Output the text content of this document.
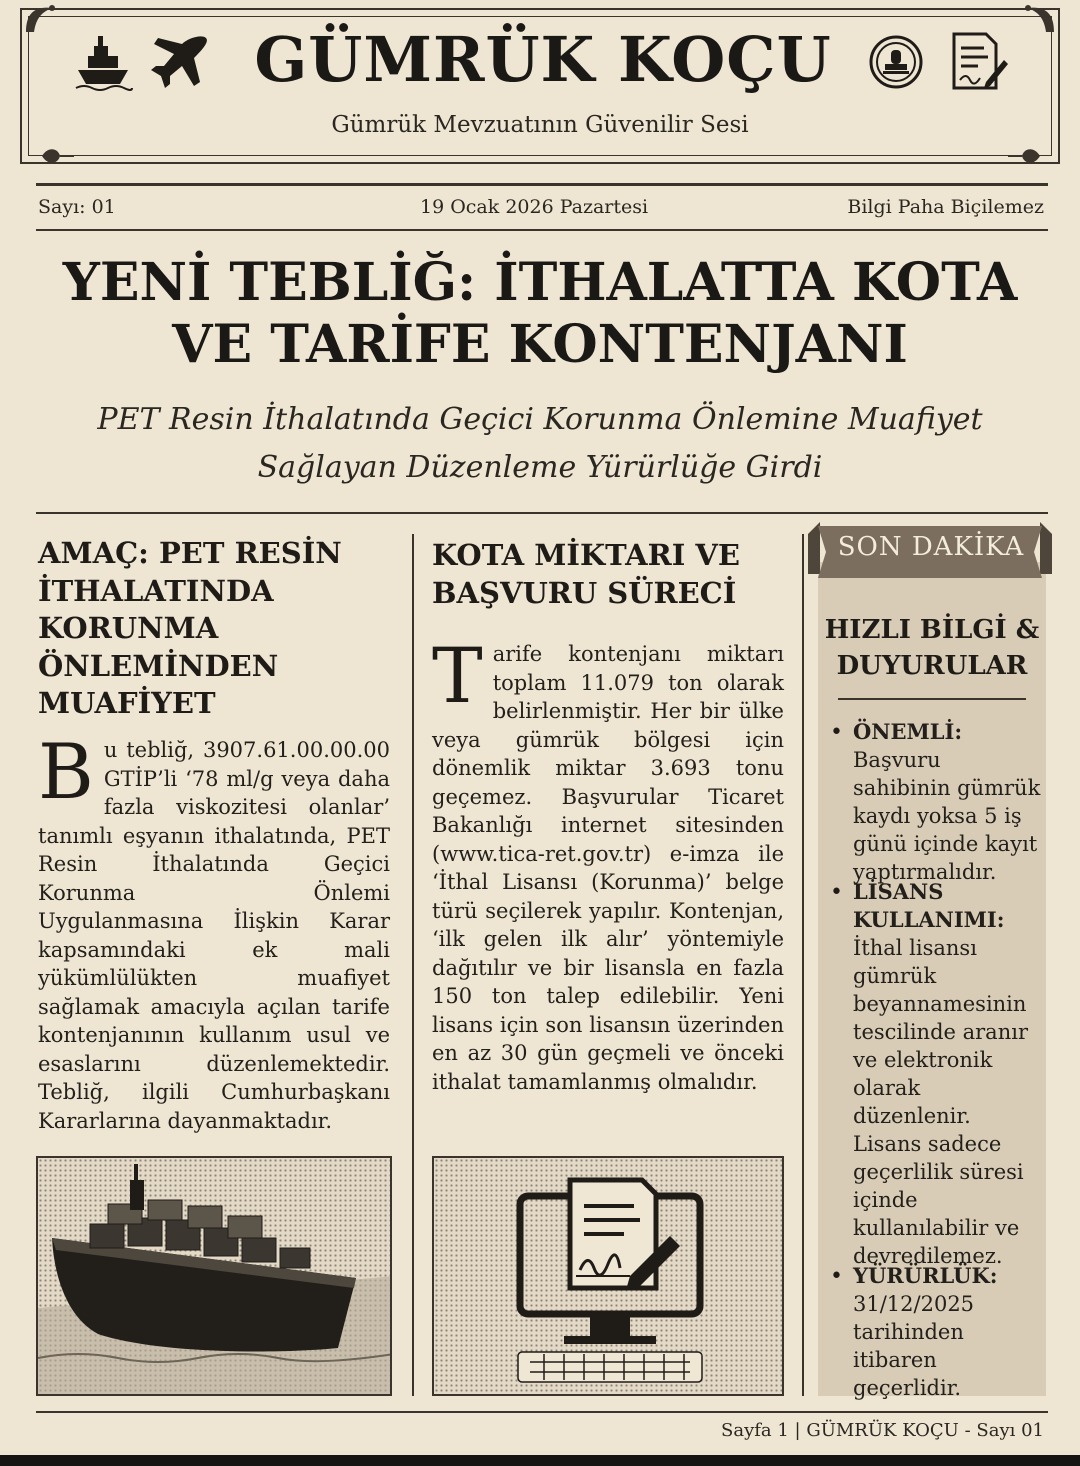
GÜMRÜK KOÇU
Gümrük Mevzuatının Güvenilir Sesi
Sayı: 01	19 Ocak 2026 Pazartesi	Bilgi Paha Biçilemez
YENİ TEBLİĞ: İTHALATTA KOTA
VE TARİFE KONTENJANI
PET Resin İthalatında Geçici Korunma Önlemine Muafiyet
Sağlayan Düzenleme Yürürlüğe Girdi
AMAÇ: PET RESİN İTHALATINDA KORUNMA ÖNLEMİNDEN MUAFİYET
Bu tebliğ, 3907.61.00.00.00 GTİP’li ‘78 ml/g veya daha fazla viskozitesi olanlar’ tanımlı eşyanın ithalatında, PET Resin İthalatında Geçici Korunma Önlemi Uygulanmasına İlişkin Karar kapsamındaki ek mali yükümlülükten muafiyet sağlamak amacıyla açılan tarife kontenjanının kullanım usul ve esaslarını düzenlemektedir. Tebliğ, ilgili Cumhurbaşkanı Kararlarına dayanmaktadır.
KOTA MİKTARI VE BAŞVURU SÜRECİ
Tarife kontenjanı miktarı toplam 11.079 ton olarak belirlenmiştir. Her bir ülke veya gümrük bölgesi için dönemlik miktar 3.693 tonu geçemez. Başvurular Ticaret Bakanlığı internet sitesinden (www.tica-ret.gov.tr) e-imza ile ‘İthal Lisansı (Korunma)’ belge türü seçilerek yapılır. Kontenjan, ‘ilk gelen ilk alır’ yöntemiyle dağıtılır ve bir lisansla en fazla 150 ton talep edilebilir. Yeni lisans için son lisansın üzerinden en az 30 gün geçmeli ve önceki ithalat tamamlanmış olmalıdır.
SON DAKİKA
HIZLI BİLGİ & DUYURULAR
• ÖNEMLİ: Başvuru sahibinin gümrük kaydı yoksa 5 iş günü içinde kayıt yaptırmalıdır.
• LİSANS KULLANIMI: İthal lisansı gümrük beyannamesinin tescilinde aranır ve elektronik olarak düzenlenir. Lisans sadece geçerlilik süresi içinde kullanılabilir ve devredilemez.
• YÜRÜRLÜK: 31/12/2025 tarihinden itibaren geçerlidir.
Sayfa 1 | GÜMRÜK KOÇU - Sayı 01
